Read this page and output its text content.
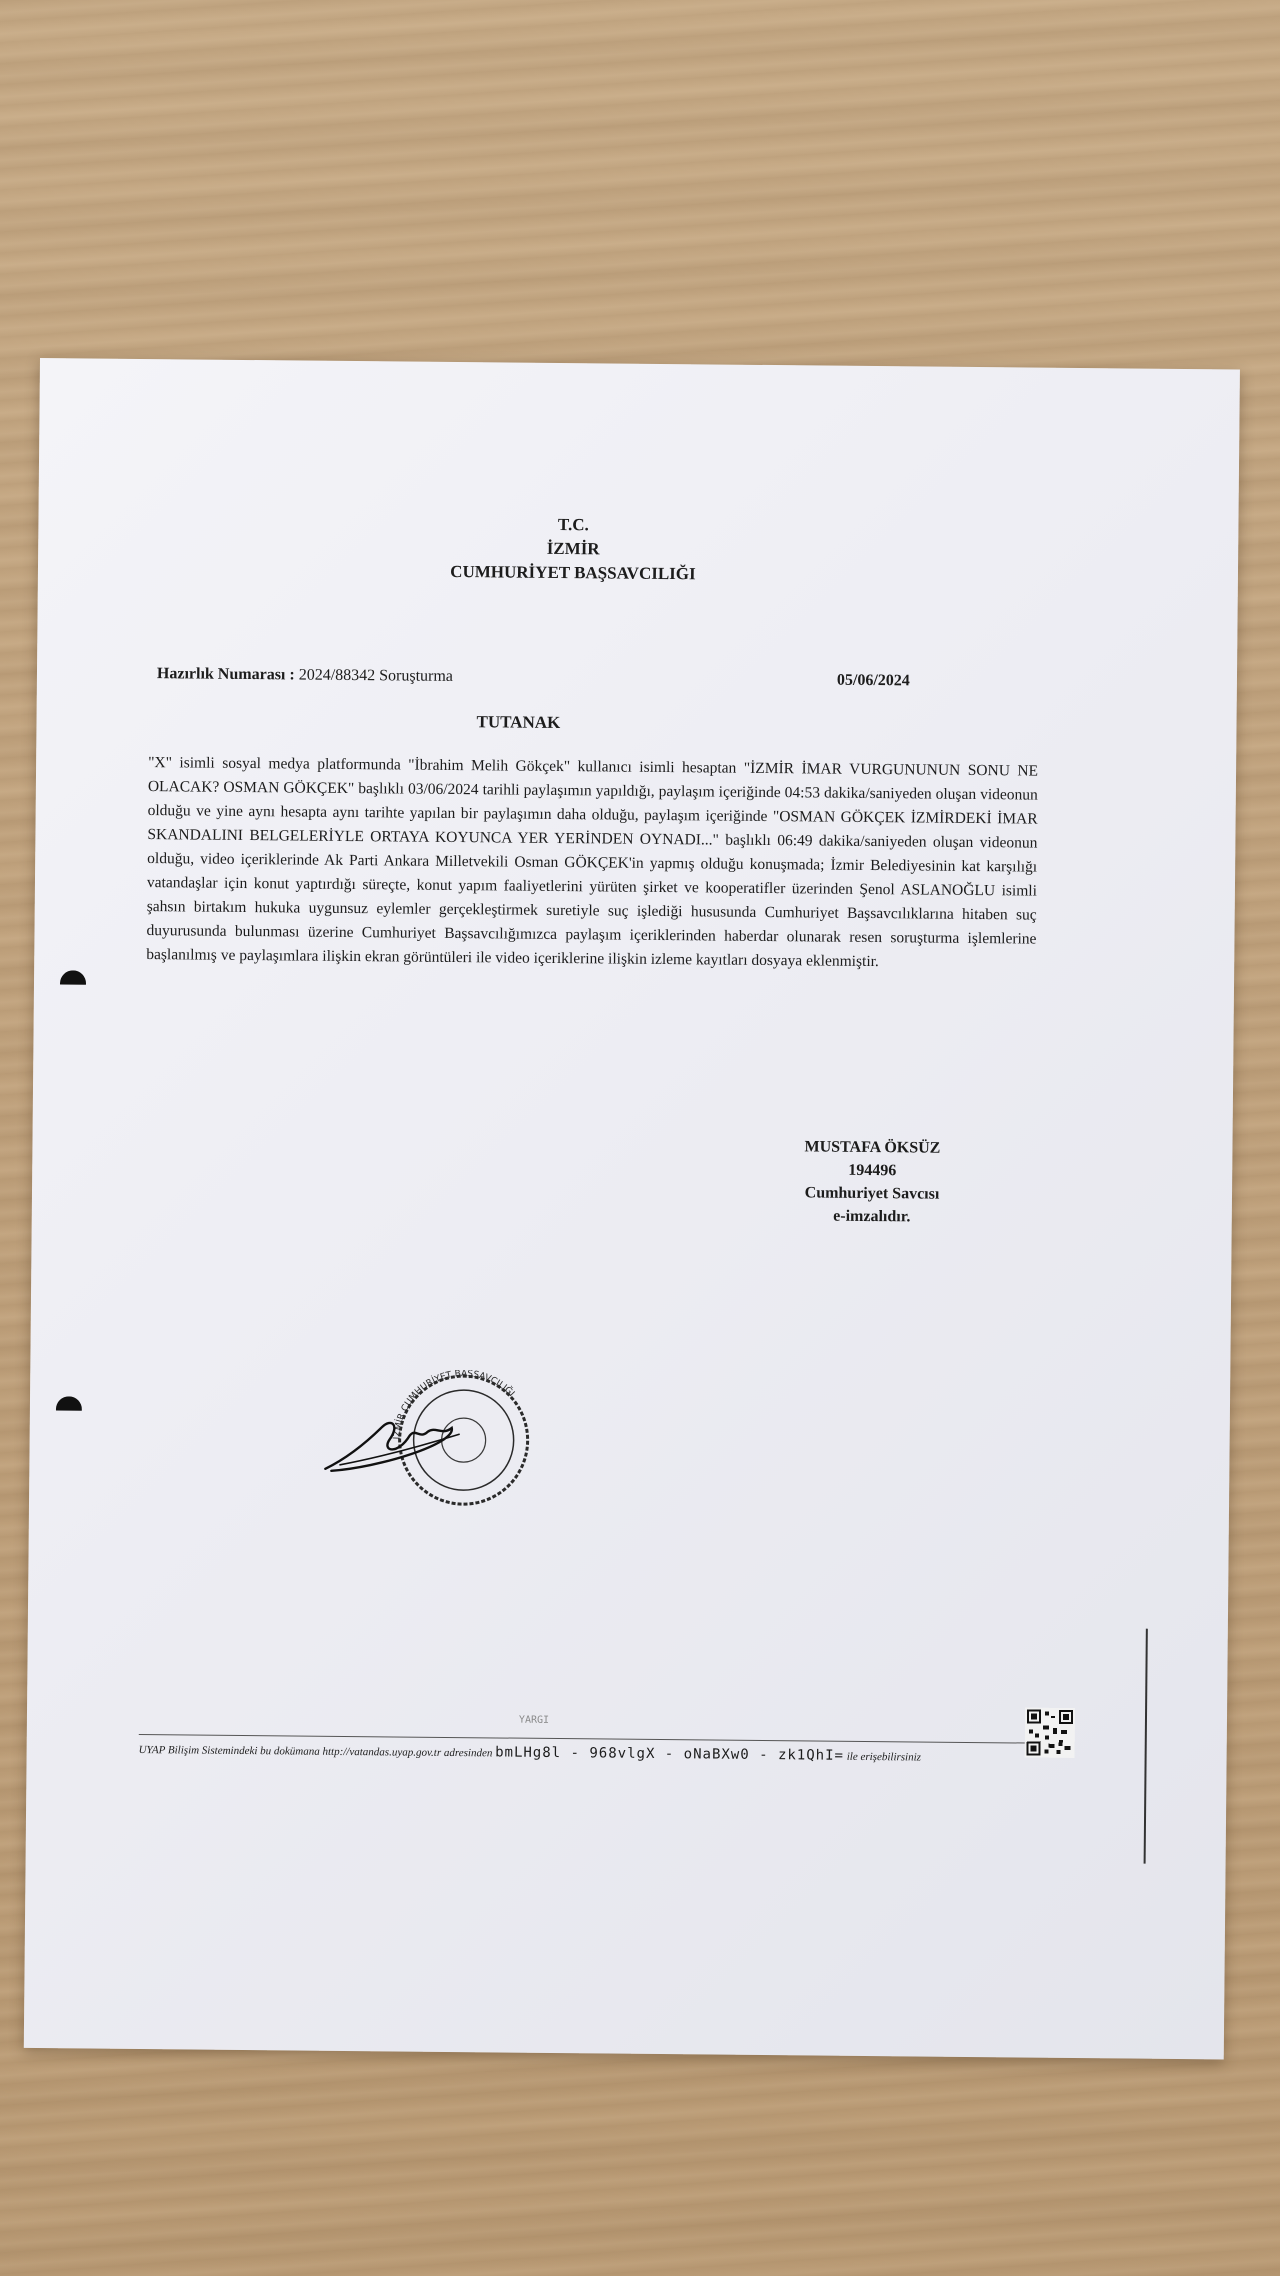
T.C.
İZMİR
CUMHURİYET BAŞSAVCILIĞI
Hazırlık Numarası : 2024/88342 Soruşturma	05/06/2024
TUTANAK
"X" isimli sosyal medya platformunda "İbrahim Melih Gökçek" kullanıcı isimli hesaptan "İZMİR İMAR VURGUNUNUN SONU NE OLACAK? OSMAN GÖKÇEK" başlıklı 03/06/2024 tarihli paylaşımın yapıldığı, paylaşım içeriğinde 04:53 dakika/saniyeden oluşan videonun olduğu ve yine aynı hesapta aynı tarihte yapılan bir paylaşımın daha olduğu, paylaşım içeriğinde "OSMAN GÖKÇEK İZMİRDEKİ İMAR SKANDALINI BELGELERİYLE ORTAYA KOYUNCA YER YERİNDEN OYNADI..." başlıklı 06:49 dakika/saniyeden oluşan videonun olduğu, video içeriklerinde Ak Parti Ankara Milletvekili Osman GÖKÇEK'in yapmış olduğu konuşmada; İzmir Belediyesinin kat karşılığı vatandaşlar için konut yaptırdığı süreçte, konut yapım faaliyetlerini yürüten şirket ve kooperatifler üzerinden Şenol ASLANOĞLU isimli şahsın birtakım hukuka uygunsuz eylemler gerçekleştirmek suretiyle suç işlediği hususunda Cumhuriyet Başsavcılıklarına hitaben suç duyurusunda bulunması üzerine Cumhuriyet Başsavcılığımızca paylaşım içeriklerinden haberdar olunarak resen soruşturma işlemlerine başlanılmış ve paylaşımlara ilişkin ekran görüntüleri ile video içeriklerine ilişkin izleme kayıtları dosyaya eklenmiştir.
MUSTAFA ÖKSÜZ
194496
Cumhuriyet Savcısı
e-imzalıdır.
İZMİR CUMHURİYET BAŞSAVCILIĞI
YARGI
UYAP Bilişim Sistemindeki bu dokümana http://vatandas.uyap.gov.tr adresinden bmLHg8l - 968vlgX - oNaBXw0 - zk1QhI= ile erişebilirsiniz
